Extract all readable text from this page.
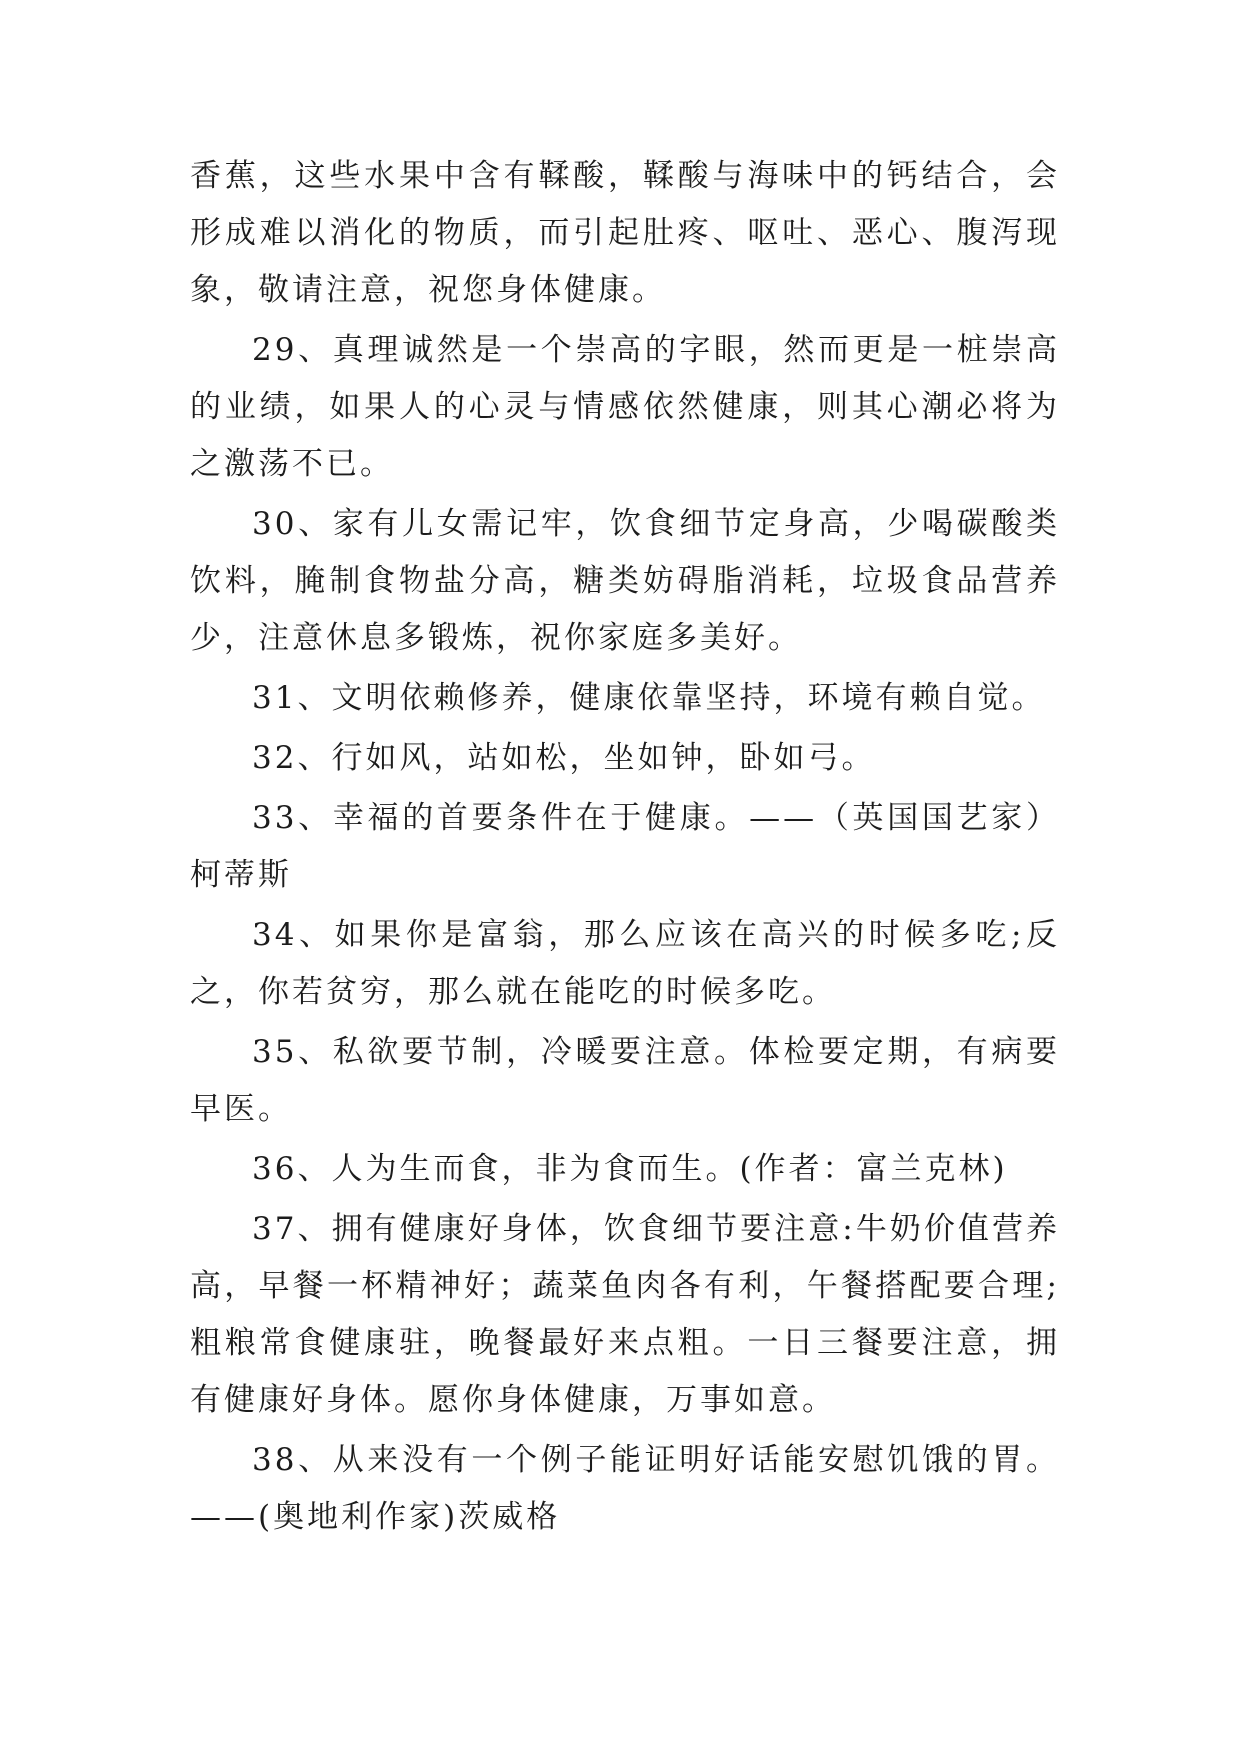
香蕉，这些水果中含有鞣酸，鞣酸与海味中的钙结合，会形成难以消化的物质，而引起肚疼、呕吐、恶心、腹泻现象，敬请注意，祝您身体健康。

29、真理诚然是一个崇高的字眼，然而更是一桩崇高的业绩，如果人的心灵与情感依然健康，则其心潮必将为之激荡不已。

30、家有儿女需记牢，饮食细节定身高，少喝碳酸类饮料，腌制食物盐分高，糖类妨碍脂消耗，垃圾食品营养少，注意休息多锻炼，祝你家庭多美好。

31、文明依赖修养，健康依靠坚持，环境有赖自觉。

32、行如风，站如松，坐如钟，卧如弓。

33、幸福的首要条件在于健康。——（英国国艺家）柯蒂斯

34、如果你是富翁，那么应该在高兴的时候多吃;反之，你若贫穷，那么就在能吃的时候多吃。

35、私欲要节制，冷暖要注意。体检要定期，有病要早医。

36、人为生而食，非为食而生。(作者：富兰克林)

37、拥有健康好身体，饮食细节要注意:牛奶价值营养高，早餐一杯精神好；蔬菜鱼肉各有利，午餐搭配要合理;粗粮常食健康驻，晚餐最好来点粗。一日三餐要注意，拥有健康好身体。愿你身体健康，万事如意。

38、从来没有一个例子能证明好话能安慰饥饿的胃。——(奥地利作家)茨威格
